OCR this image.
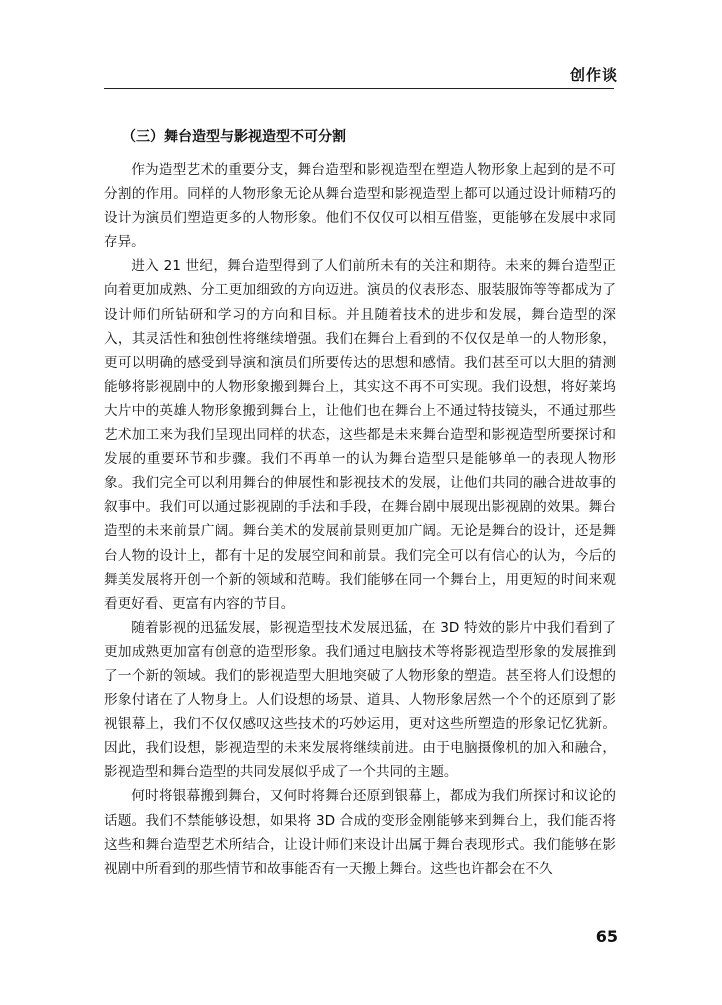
创作谈
（三）舞台造型与影视造型不可分割

作为造型艺术的重要分支，舞台造型和影视造型在塑造人物形象上起到的是不可分割的作用。同样的人物形象无论从舞台造型和影视造型上都可以通过设计师精巧的设计为演员们塑造更多的人物形象。他们不仅仅可以相互借鉴，更能够在发展中求同存异。

进入 21 世纪，舞台造型得到了人们前所未有的关注和期待。未来的舞台造型正向着更加成熟、分工更加细致的方向迈进。演员的仪表形态、服装服饰等等都成为了设计师们所钻研和学习的方向和目标。并且随着技术的进步和发展，舞台造型的深入，其灵活性和独创性将继续增强。我们在舞台上看到的不仅仅是单一的人物形象，更可以明确的感受到导演和演员们所要传达的思想和感情。我们甚至可以大胆的猜测能够将影视剧中的人物形象搬到舞台上，其实这不再不可实现。我们设想，将好莱坞大片中的英雄人物形象搬到舞台上，让他们也在舞台上不通过特技镜头，不通过那些艺术加工来为我们呈现出同样的状态，这些都是未来舞台造型和影视造型所要探讨和发展的重要环节和步骤。我们不再单一的认为舞台造型只是能够单一的表现人物形象。我们完全可以利用舞台的伸展性和影视技术的发展，让他们共同的融合进故事的叙事中。我们可以通过影视剧的手法和手段，在舞台剧中展现出影视剧的效果。舞台造型的未来前景广阔。舞台美术的发展前景则更加广阔。无论是舞台的设计，还是舞台人物的设计上，都有十足的发展空间和前景。我们完全可以有信心的认为，今后的舞美发展将开创一个新的领域和范畴。我们能够在同一个舞台上，用更短的时间来观看更好看、更富有内容的节目。

随着影视的迅猛发展，影视造型技术发展迅猛，在 3D 特效的影片中我们看到了更加成熟更加富有创意的造型形象。我们通过电脑技术等将影视造型形象的发展推到了一个新的领域。我们的影视造型大胆地突破了人物形象的塑造。甚至将人们设想的形象付诸在了人物身上。人们设想的场景、道具、人物形象居然一个个的还原到了影视银幕上，我们不仅仅感叹这些技术的巧妙运用，更对这些所塑造的形象记忆犹新。因此，我们设想，影视造型的未来发展将继续前进。由于电脑摄像机的加入和融合，影视造型和舞台造型的共同发展似乎成了一个共同的主题。

何时将银幕搬到舞台，又何时将舞台还原到银幕上，都成为我们所探讨和议论的话题。我们不禁能够设想，如果将 3D 合成的变形金刚能够来到舞台上，我们能否将这些和舞台造型艺术所结合，让设计师们来设计出属于舞台表现形式。我们能够在影视剧中所看到的那些情节和故事能否有一天搬上舞台。这些也许都会在不久

65
